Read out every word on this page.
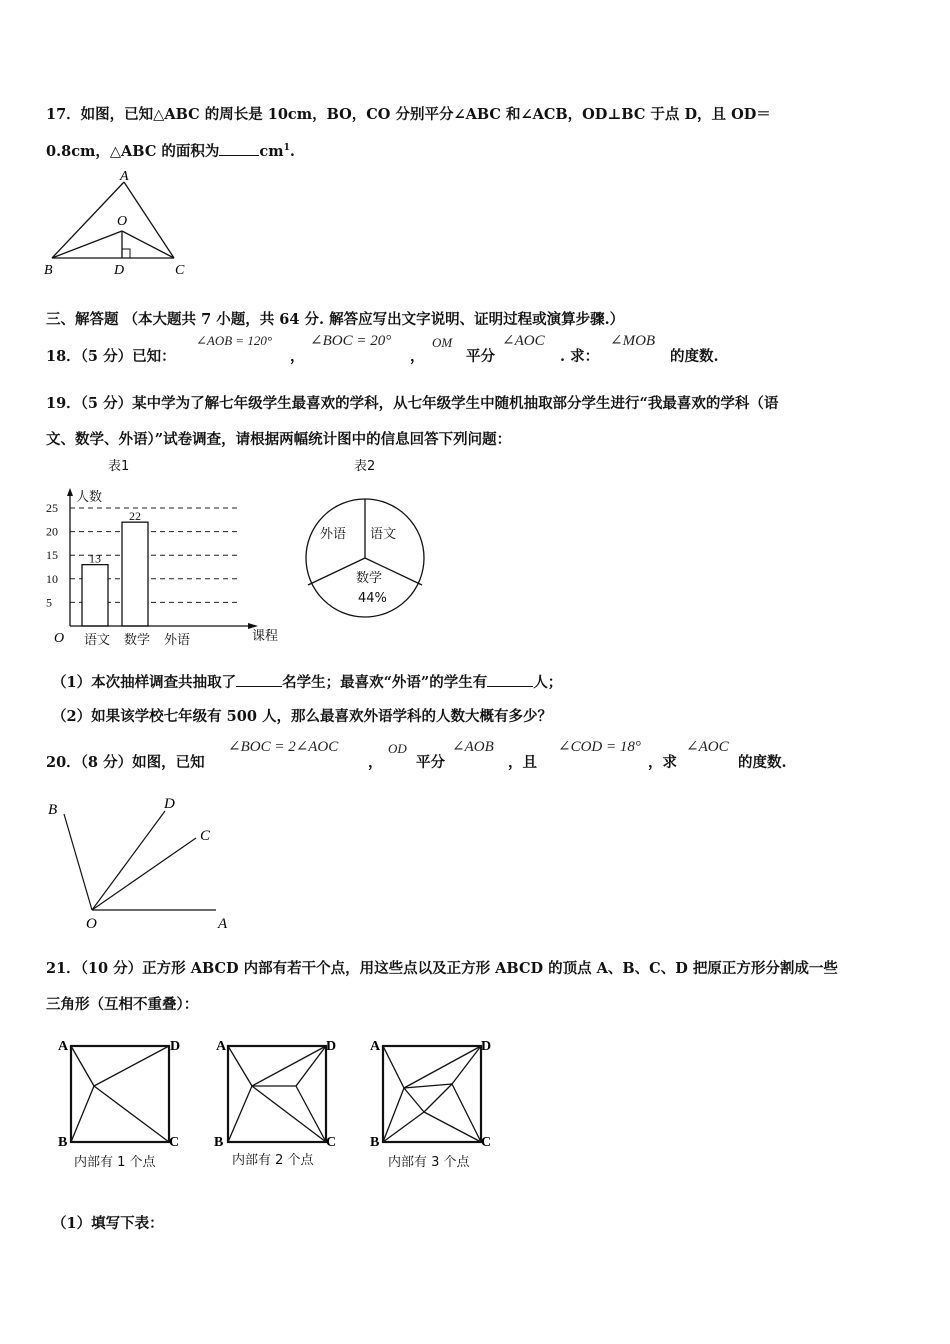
17．如图，已知△ABC 的周长是 10cm，BO，CO 分别平分∠ABC 和∠ACB，OD⊥BC 于点 D，且 OD＝
0.8cm，△ABC 的面积为	$cm^1$.
A
O
B	D	C
三、解答题 （本大题共 7 小题，共 64 分. 解答应写出文字说明、证明过程或演算步骤.）
18．（5 分）已知：
∠AOB = 120°
，
∠BOC = 20°
，
OM
平分
∠AOC
. 求：
∠MOB
的度数.
19．（5 分）某中学为了解七年级学生最喜欢的学科，从七年级学生中随机抽取部分学生进行“我最喜欢的学科（语
文、数学、外语）”试卷调查，请根据两幅统计图中的信息回答下列问题：
表1
人数
课程
O
5
10
15
20
25
13
语文
22
数学 外语
表2
外语 语文
数学
44%
（1）本次抽样调查共抽取了	名学生；最喜欢“外语”的学生有	人；
（2）如果该学校七年级有 500 人，那么最喜欢外语学科的人数大概有多少？
20．（8 分）如图，已知
∠BOC = 2∠AOC
，
OD
平分
∠AOB
，且
∠COD = 18°
，求
∠AOC
的度数.
B	D
C
O	A
21．（10 分）正方形 ABCD 内部有若干个点，用这些点以及正方形 ABCD 的顶点 A、B、C、D 把原正方形分割成一些
三角形（互相不重叠）：
A	D
B	C
内部有 1 个点
A	D
B	C
内部有 2 个点
A	D
B	C
内部有 3 个点
（1）填写下表：
